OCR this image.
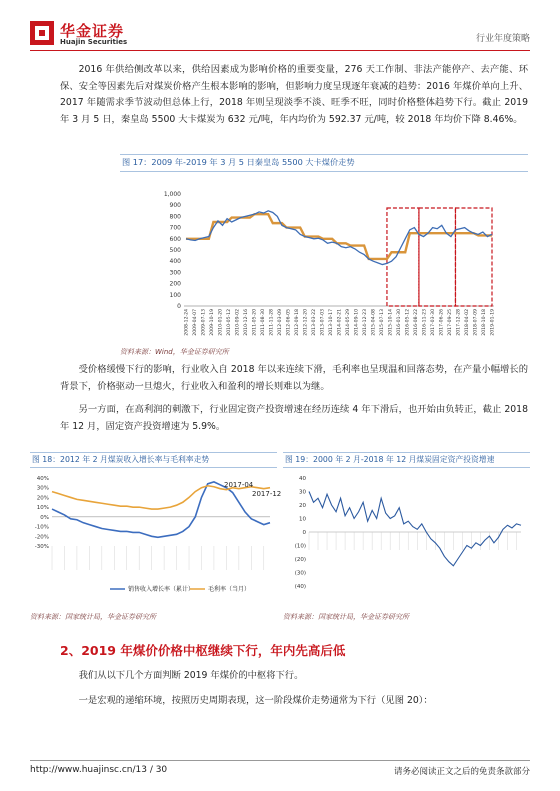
华金证券
Huajin Securities	行业年度策略

2016 年供给侧改革以来，供给因素成为影响价格的重要变量，276 天工作制、非法产能停产、去产能、环保、安全等因素先后对煤炭价格产生根本影响的影响，但影响力度呈现逐年衰减的趋势：2016 年煤价单向上升、2017 年随需求季节波动但总体上行，2018 年则呈现淡季不淡、旺季不旺，同时价格整体趋势下行。截止 2019 年 3 月 5 日，秦皇岛 5500 大卡煤炭为 632 元/吨，年内均价为 592.37 元/吨，较 2018 年均价下降 8.46%。

图 17：2009 年-2019 年 3 月 5 日秦皇岛 5500 大卡煤价走势
0
100
200
300
400
500
600
700
800
900
1,000
2008-12-24 2009-04-07 2009-07-13 2009-10-19 2010-01-20 2010-05-12 2010-09-02 2010-12-16 2011-05-20 2011-08-30 2011-11-28 2012-03-09 2012-06-05 2012-09-18 2012-12-20 2013-03-22 2013-07-03 2013-10-17 2014-02-21 2014-05-29 2014-09-10 2014-12-23 2015-04-08 2015-07-13 2015-10-14 2016-01-30 2016-05-12 2016-08-22 2016-11-23 2017-03-30 2017-06-26 2017-09-25 2017-12-28 2018-04-02 2018-07-09 2018-10-18 2019-01-19
资料来源：Wind，华金证券研究所

受价格缓慢下行的影响，行业收入自 2018 年以来连续下滑，毛利率也呈现温和回落态势，在产量小幅增长的背景下，价格驱动一旦熄火，行业收入和盈利的增长则难以为继。

另一方面，在高利润的刺激下，行业固定资产投资增速在经历连续 4 年下滑后，也开始由负转正，截止 2018 年 12 月，固定资产投资增速为 5.9%。

图 18：2012 年 2 月煤炭收入增长率与毛利率走势	图 19：2000 年 2 月-2018 年 12 月煤炭固定资产投资增速
40%
30%
20%
10%
0%
-10%
-20%
-30%
2017-04
2017-12
销售收入增长率（累计） 毛利率（当月）
40
30
20
10
0
(10)
(20)
(30)
(40)
资料来源：国家统计局，华金证券研究所	资料来源：国家统计局，华金证券研究所
2、2019 年煤价价格中枢继续下行，年内先高后低

我们从以下几个方面判断 2019 年煤价的中枢将下行。

一是宏观的递缩环境，按照历史周期表现，这一阶段煤价走势通常为下行（见图 20）：

http://www.huajinsc.cn/13 / 30	请务必阅读正文之后的免责条款部分
